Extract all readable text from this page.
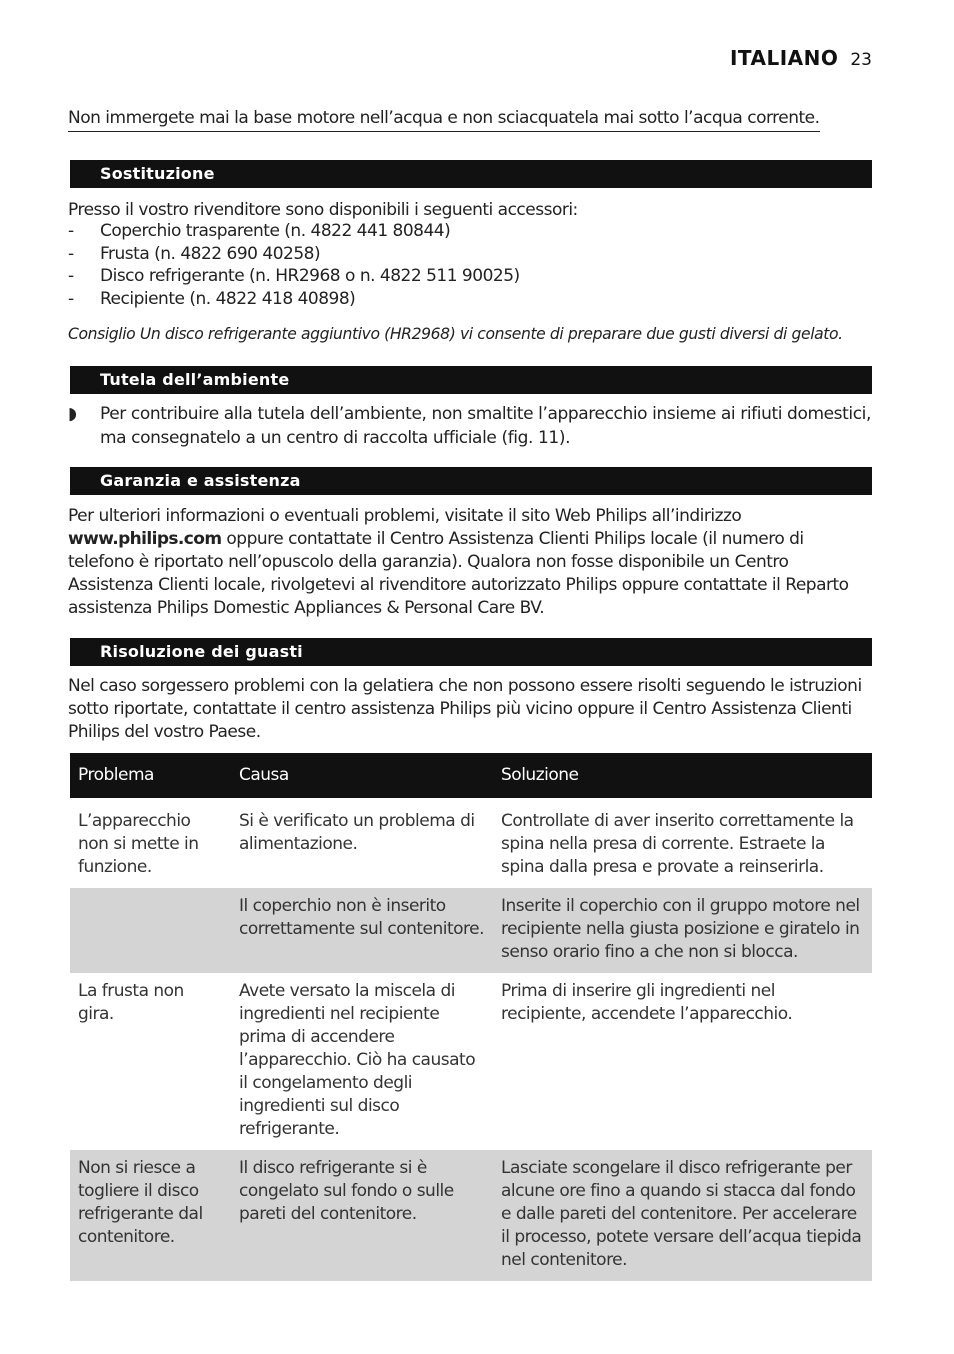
ITALIANO 23
Non immergete mai la base motore nell’acqua e non sciacquatela mai sotto l’acqua corrente.
Sostituzione
Presso il vostro rivenditore sono disponibili i seguenti accessori:
- Coperchio trasparente (n. 4822 441 80844)
- Frusta (n. 4822 690 40258)
- Disco refrigerante (n. HR2968 o n. 4822 511 90025)
- Recipiente (n. 4822 418 40898)
Consiglio Un disco refrigerante aggiuntivo (HR2968) vi consente di preparare due gusti diversi di gelato.
Tutela dell’ambiente
◗	Per contribuire alla tutela dell’ambiente, non smaltite l’apparecchio insieme ai rifiuti domestici, ma consegnatelo a un centro di raccolta ufficiale (fig. 11).
Garanzia e assistenza
Per ulteriori informazioni o eventuali problemi, visitate il sito Web Philips all’indirizzo www.philips.com oppure contattate il Centro Assistenza Clienti Philips locale (il numero di telefono è riportato nell’opuscolo della garanzia). Qualora non fosse disponibile un Centro Assistenza Clienti locale, rivolgetevi al rivenditore autorizzato Philips oppure contattate il Reparto assistenza Philips Domestic Appliances & Personal Care BV.
Risoluzione dei guasti
Nel caso sorgessero problemi con la gelatiera che non possono essere risolti seguendo le istruzioni sotto riportate, contattate il centro assistenza Philips più vicino oppure il Centro Assistenza Clienti Philips del vostro Paese.
Problema	Causa	Soluzione
L’apparecchio non si mette in funzione.	Si è verificato un problema di alimentazione.	Controllate di aver inserito correttamente la spina nella presa di corrente. Estraete la spina dalla presa e provate a reinserirla.
	Il coperchio non è inserito correttamente sul contenitore.	Inserite il coperchio con il gruppo motore nel recipiente nella giusta posizione e giratelo in senso orario fino a che non si blocca.
La frusta non gira.	Avete versato la miscela di ingredienti nel recipiente prima di accendere l’apparecchio. Ciò ha causato il congelamento degli ingredienti sul disco refrigerante.	Prima di inserire gli ingredienti nel recipiente, accendete l’apparecchio.
Non si riesce a togliere il disco refrigerante dal contenitore.	Il disco refrigerante si è congelato sul fondo o sulle pareti del contenitore.	Lasciate scongelare il disco refrigerante per alcune ore fino a quando si stacca dal fondo e dalle pareti del contenitore. Per accelerare il processo, potete versare dell’acqua tiepida nel contenitore.
